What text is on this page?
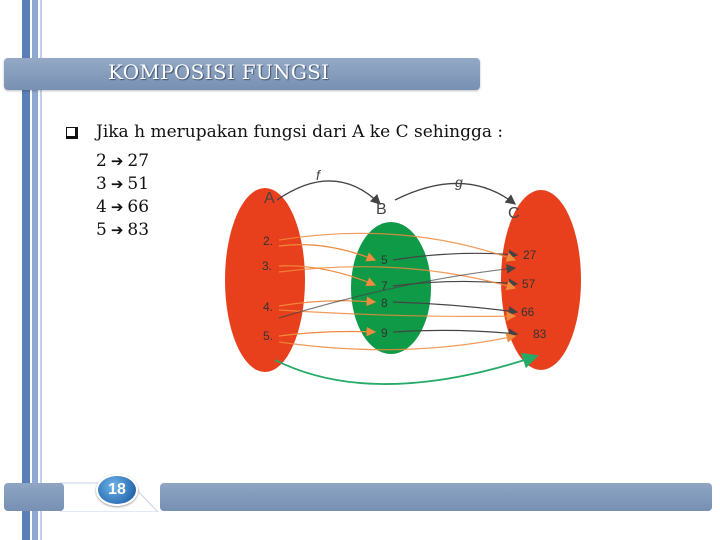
KOMPOSISI FUNGSI
Jika h merupakan fungsi dari A ke C sehingga :
2 ➔ 27
3 ➔ 51
4 ➔ 66
5 ➔ 83
A
B	C
f	g
2.
3.
4.
5.
5
7
8
9
27
57
66
83
18
